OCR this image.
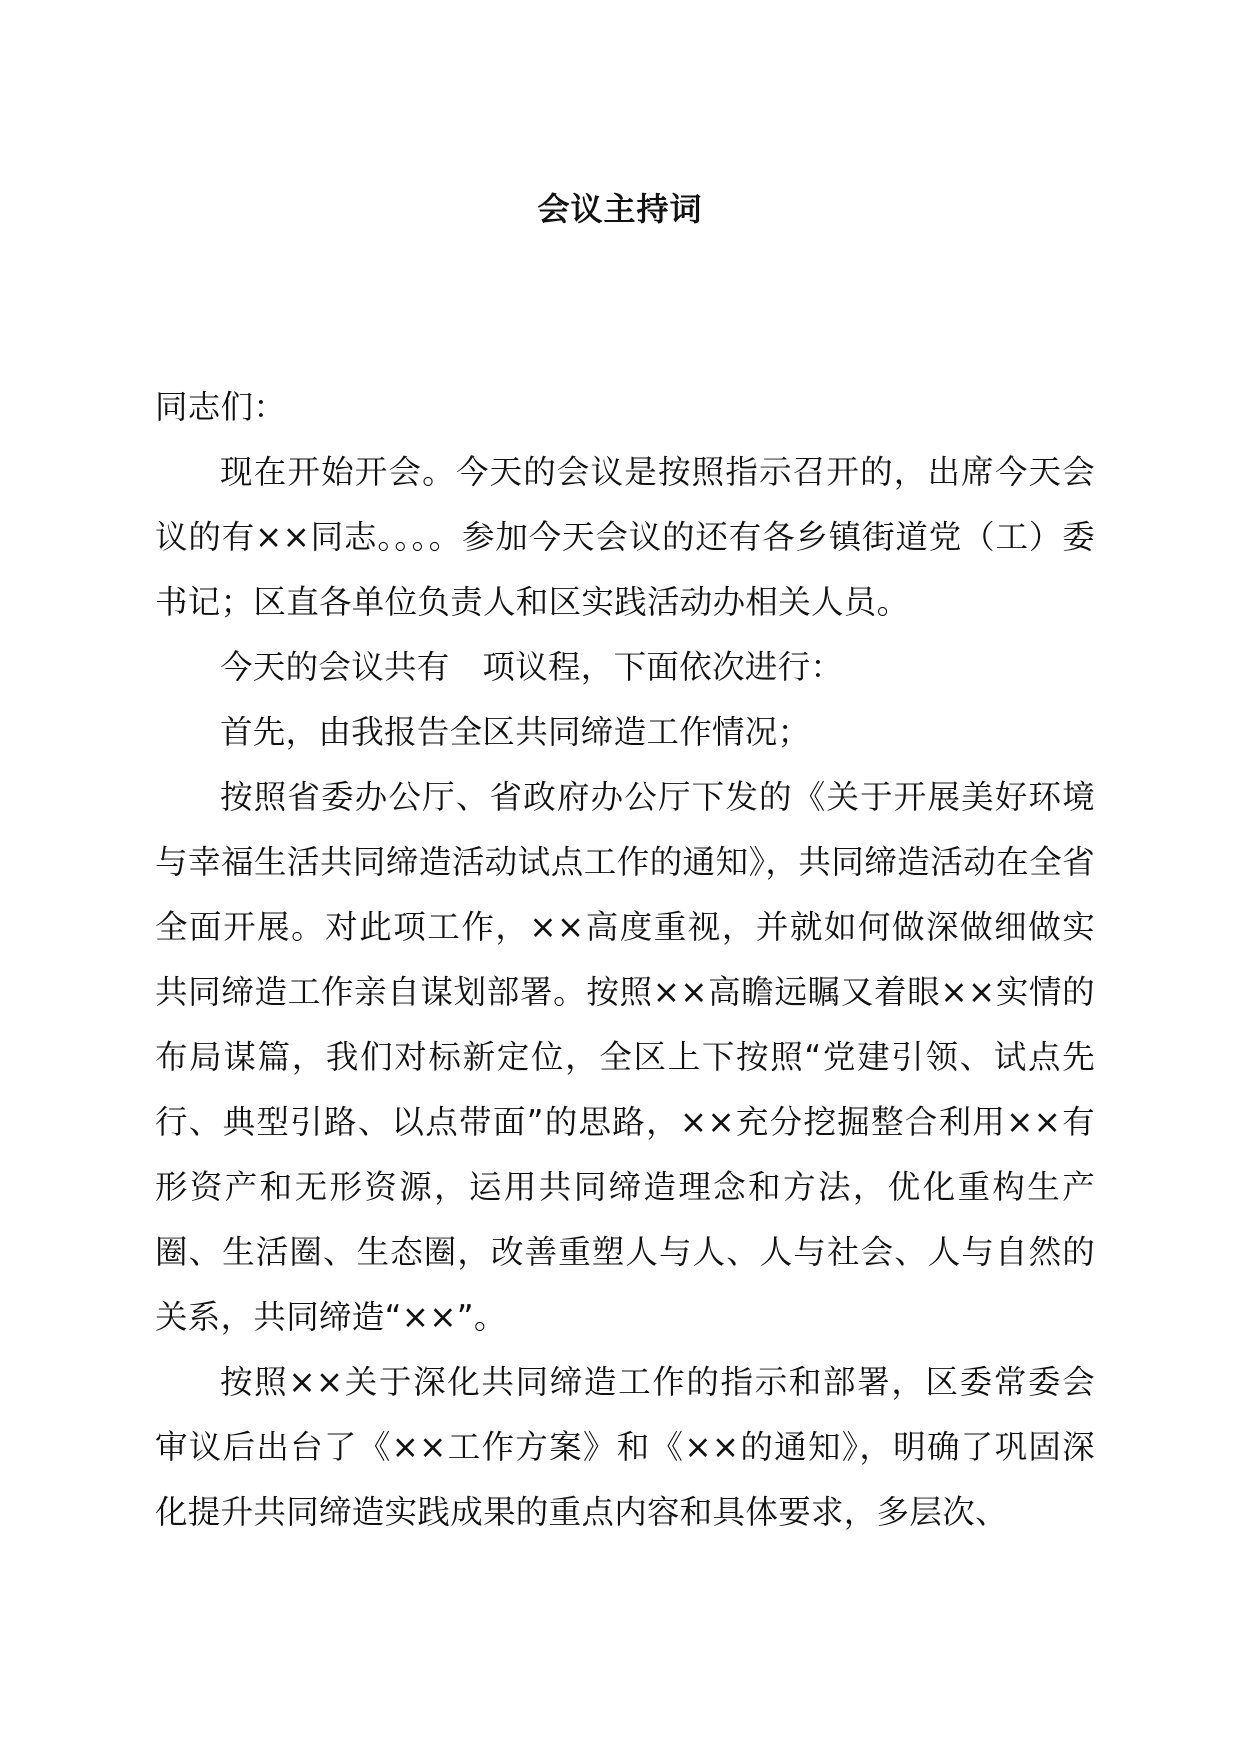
会议主持词

同志们：

现在开始开会。今天的会议是按照指示召开的，出席今天会议的有××同志。。。。参加今天会议的还有各乡镇街道党（工）委书记；区直各单位负责人和区实践活动办相关人员。

今天的会议共有　项议程，下面依次进行：

首先，由我报告全区共同缔造工作情况；

按照省委办公厅、省政府办公厅下发的《关于开展美好环境与幸福生活共同缔造活动试点工作的通知》，共同缔造活动在全省全面开展。对此项工作，××高度重视，并就如何做深做细做实共同缔造工作亲自谋划部署。按照××高瞻远瞩又着眼××实情的布局谋篇，我们对标新定位，全区上下按照“党建引领、试点先行、典型引路、以点带面”的思路，××充分挖掘整合利用××有形资产和无形资源，运用共同缔造理念和方法，优化重构生产圈、生活圈、生态圈，改善重塑人与人、人与社会、人与自然的关系，共同缔造“××”。

按照××关于深化共同缔造工作的指示和部署，区委常委会审议后出台了《××工作方案》和《××的通知》，明确了巩固深化提升共同缔造实践成果的重点内容和具体要求，多层次、
